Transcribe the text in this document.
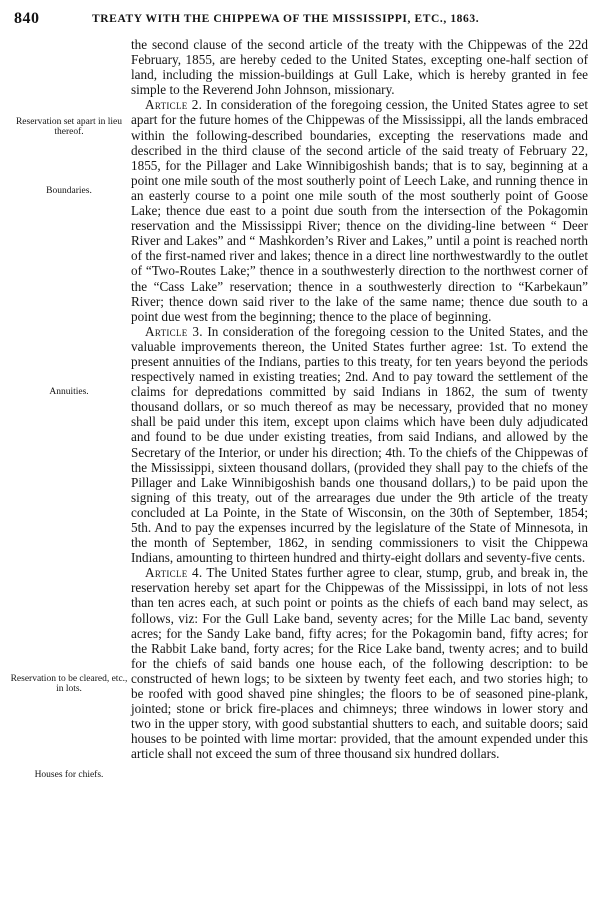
840	TREATY WITH THE CHIPPEWA OF THE MISSISSIPPI, ETC., 1863.
Reservation set apart in lieu thereof.
Boundaries.
Annuities.
Reservation to be cleared, etc., in lots.
Houses for chiefs.

the second clause of the second article of the treaty with the Chippewas of the 22d February, 1855, are hereby ceded to the United States, excepting one-half section of land, including the mission-buildings at Gull Lake, which is hereby granted in fee simple to the Reverend John Johnson, missionary.

Article 2. In consideration of the foregoing cession, the United States agree to set apart for the future homes of the Chippewas of the Mississippi, all the lands embraced within the following-described boundaries, excepting the reservations made and described in the third clause of the second article of the said treaty of February 22, 1855, for the Pillager and Lake Winnibigoshish bands; that is to say, beginning at a point one mile south of the most southerly point of Leech Lake, and running thence in an easterly course to a point one mile south of the most southerly point of Goose Lake; thence due east to a point due south from the intersection of the Pokagomin reservation and the Mississippi River; thence on the dividing-line between “ Deer River and Lakes” and “ Mashkorden’s River and Lakes,” until a point is reached north of the first-named river and lakes; thence in a direct line northwestwardly to the outlet of “Two-Routes Lake;” thence in a southwesterly direction to the northwest corner of the “Cass Lake” reservation; thence in a southwesterly direction to “Karbekaun” River; thence down said river to the lake of the same name; thence due south to a point due west from the beginning; thence to the place of beginning.

Article 3. In consideration of the foregoing cession to the United States, and the valuable improvements thereon, the United States further agree: 1st. To extend the present annuities of the Indians, parties to this treaty, for ten years beyond the periods respectively named in existing treaties; 2nd. And to pay toward the settlement of the claims for depredations committed by said Indians in 1862, the sum of twenty thousand dollars, or so much thereof as may be necessary, provided that no money shall be paid under this item, except upon claims which have been duly adjudicated and found to be due under existing treaties, from said Indians, and allowed by the Secretary of the Interior, or under his direction; 4th. To the chiefs of the Chippewas of the Mississippi, sixteen thousand dollars, (provided they shall pay to the chiefs of the Pillager and Lake Winnibigoshish bands one thousand dollars,) to be paid upon the signing of this treaty, out of the arrearages due under the 9th article of the treaty concluded at La Pointe, in the State of Wisconsin, on the 30th of September, 1854; 5th. And to pay the expenses incurred by the legislature of the State of Minnesota, in the month of September, 1862, in sending commissioners to visit the Chippewa Indians, amounting to thirteen hundred and thirty-eight dollars and seventy-five cents.

Article 4. The United States further agree to clear, stump, grub, and break in, the reservation hereby set apart for the Chippewas of the Mississippi, in lots of not less than ten acres each, at such point or points as the chiefs of each band may select, as follows, viz: For the Gull Lake band, seventy acres; for the Mille Lac band, seventy acres; for the Sandy Lake band, fifty acres; for the Pokagomin band, fifty acres; for the Rabbit Lake band, forty acres; for the Rice Lake band, twenty acres; and to build for the chiefs of said bands one house each, of the following description: to be constructed of hewn logs; to be sixteen by twenty feet each, and two stories high; to be roofed with good shaved pine shingles; the floors to be of seasoned pine-plank, jointed; stone or brick fire-places and chimneys; three windows in lower story and two in the upper story, with good substantial shutters to each, and suitable doors; said houses to be pointed with lime mortar: provided, that the amount expended under this article shall not exceed the sum of three thousand six hundred dollars.
